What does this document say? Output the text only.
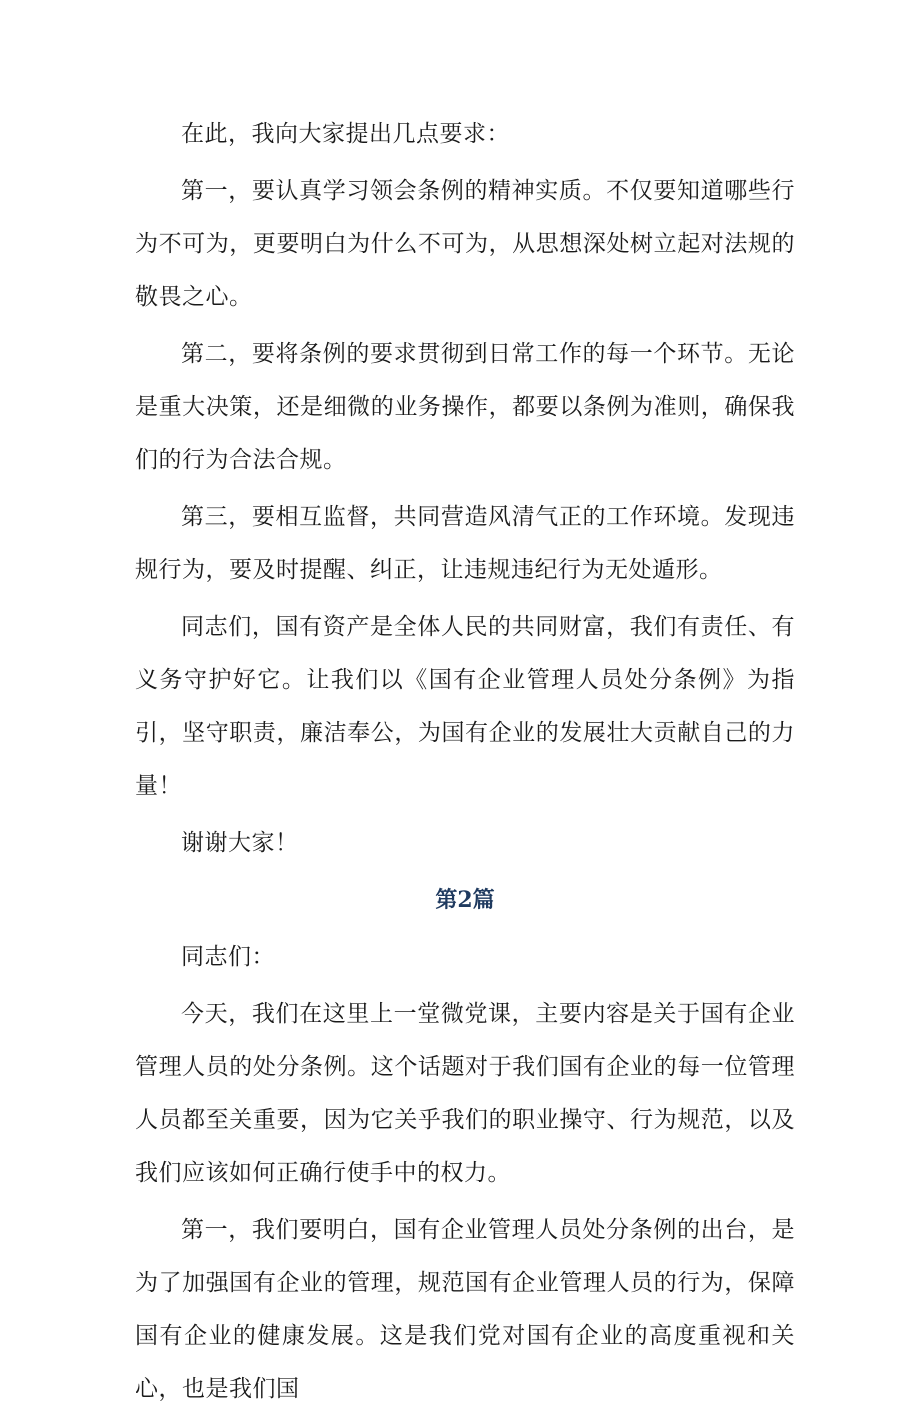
在此，我向大家提出几点要求：

第一，要认真学习领会条例的精神实质。不仅要知道哪些行为不可为，更要明白为什么不可为，从思想深处树立起对法规的敬畏之心。

第二，要将条例的要求贯彻到日常工作的每一个环节。无论是重大决策，还是细微的业务操作，都要以条例为准则，确保我们的行为合法合规。

第三，要相互监督，共同营造风清气正的工作环境。发现违规行为，要及时提醒、纠正，让违规违纪行为无处遁形。

同志们，国有资产是全体人民的共同财富，我们有责任、有义务守护好它。让我们以《国有企业管理人员处分条例》为指引，坚守职责，廉洁奉公，为国有企业的发展壮大贡献自己的力量！

谢谢大家！

第2篇

同志们：

今天，我们在这里上一堂微党课，主要内容是关于国有企业管理人员的处分条例。这个话题对于我们国有企业的每一位管理人员都至关重要，因为它关乎我们的职业操守、行为规范，以及我们应该如何正确行使手中的权力。

第一，我们要明白，国有企业管理人员处分条例的出台，是为了加强国有企业的管理，规范国有企业管理人员的行为，保障国有企业的健康发展。这是我们党对国有企业的高度重视和关心，也是我们国
